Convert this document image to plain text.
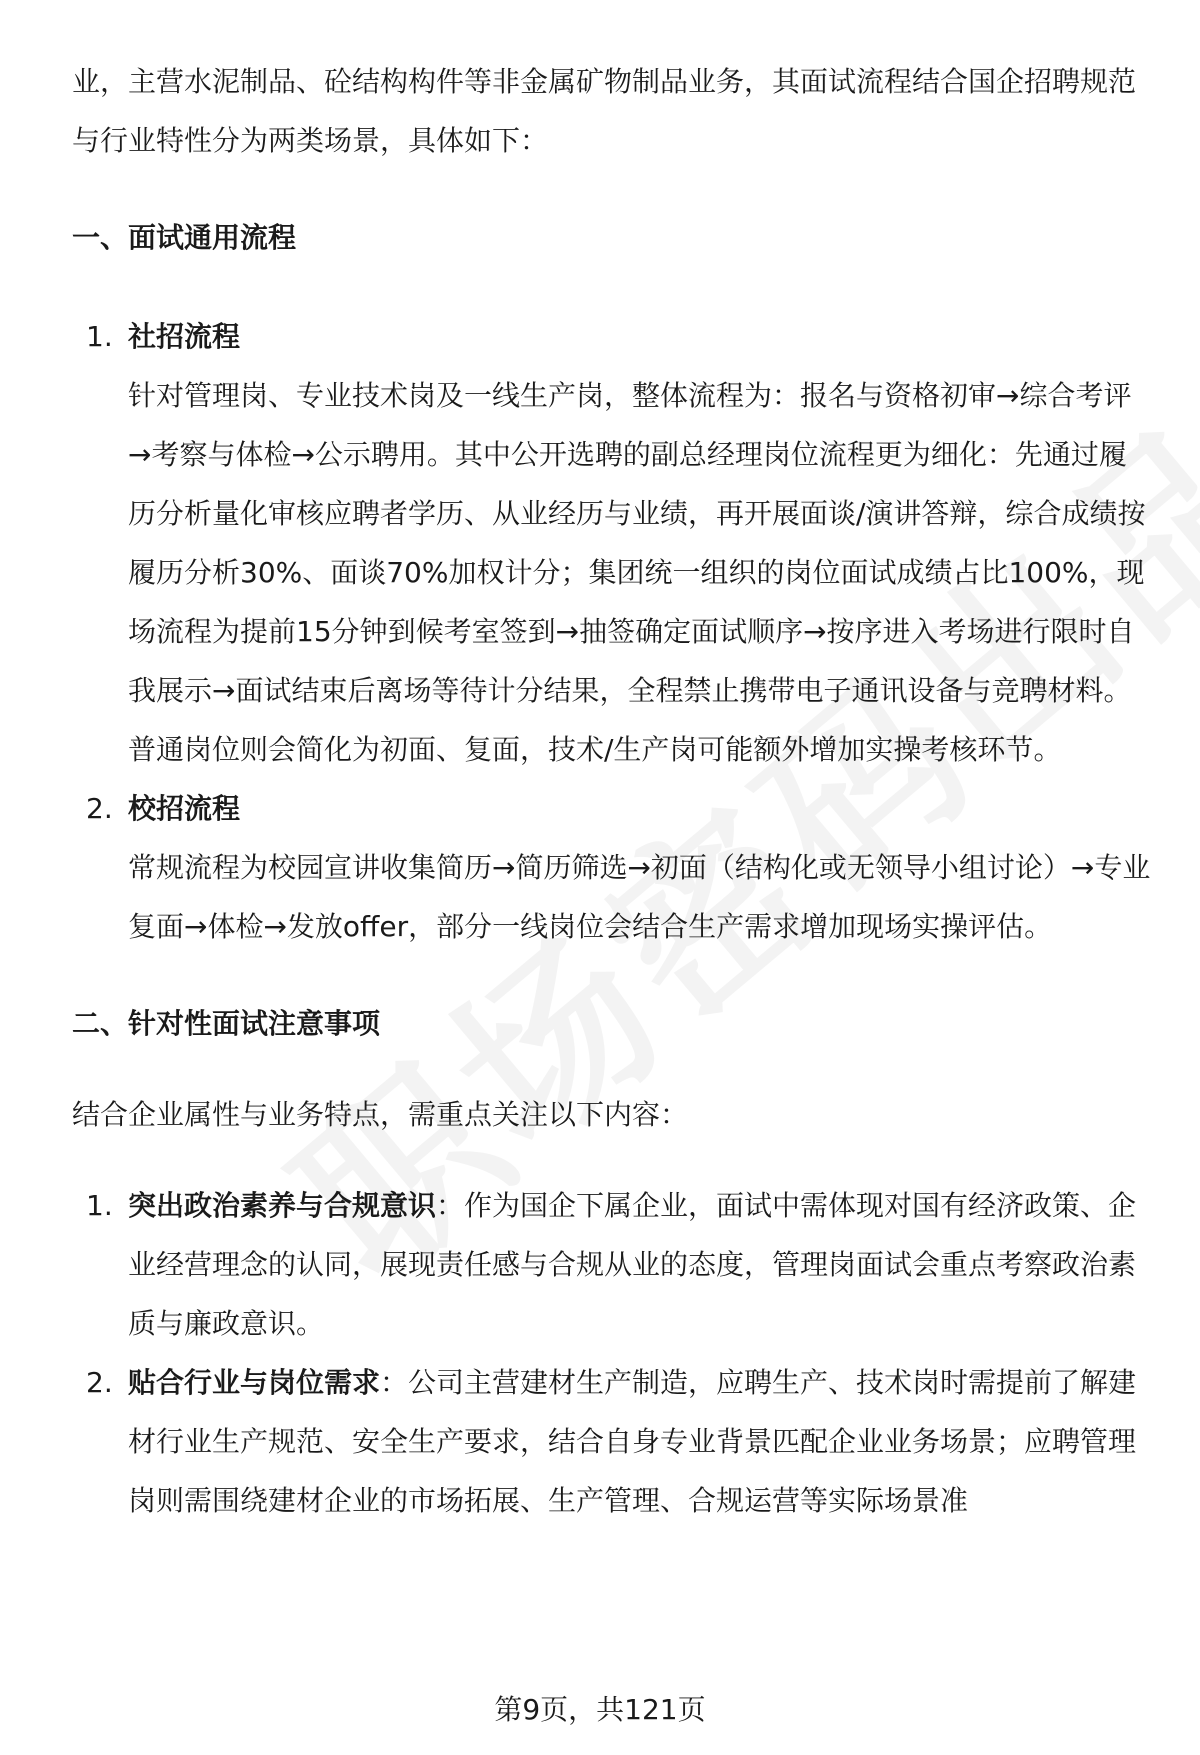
业，主营水泥制品、砼结构构件等非金属矿物制品业务，其面试流程结合国企招聘规范与行业特性分为两类场景，具体如下：

一、面试通用流程
1. 社招流程

针对管理岗、专业技术岗及一线生产岗，整体流程为：报名与资格初审→综合考评→考察与体检→公示聘用。其中公开选聘的副总经理岗位流程更为细化：先通过履历分析量化审核应聘者学历、从业经历与业绩，再开展面谈/演讲答辩，综合成绩按履历分析30%、面谈70%加权计分；集团统一组织的岗位面试成绩占比100%，现场流程为提前15分钟到候考室签到→抽签确定面试顺序→按序进入考场进行限时自我展示→面试结束后离场等待计分结果，全程禁止携带电子通讯设备与竞聘材料。普通岗位则会简化为初面、复面，技术/生产岗可能额外增加实操考核环节。

2. 校招流程

常规流程为校园宣讲收集简历→简历筛选→初面（结构化或无领导小组讨论）→专业复面→体检→发放offer，部分一线岗位会结合生产需求增加现场实操评估。

二、针对性面试注意事项

结合企业属性与业务特点，需重点关注以下内容：

1. 突出政治素养与合规意识：作为国企下属企业，面试中需体现对国有经济政策、企业经营理念的认同，展现责任感与合规从业的态度，管理岗面试会重点考察政治素质与廉政意识。

2. 贴合行业与岗位需求：公司主营建材生产制造，应聘生产、技术岗时需提前了解建材行业生产规范、安全生产要求，结合自身专业背景匹配企业业务场景；应聘管理岗则需围绕建材企业的市场拓展、生产管理、合规运营等实际场景准

第9页，共121页
